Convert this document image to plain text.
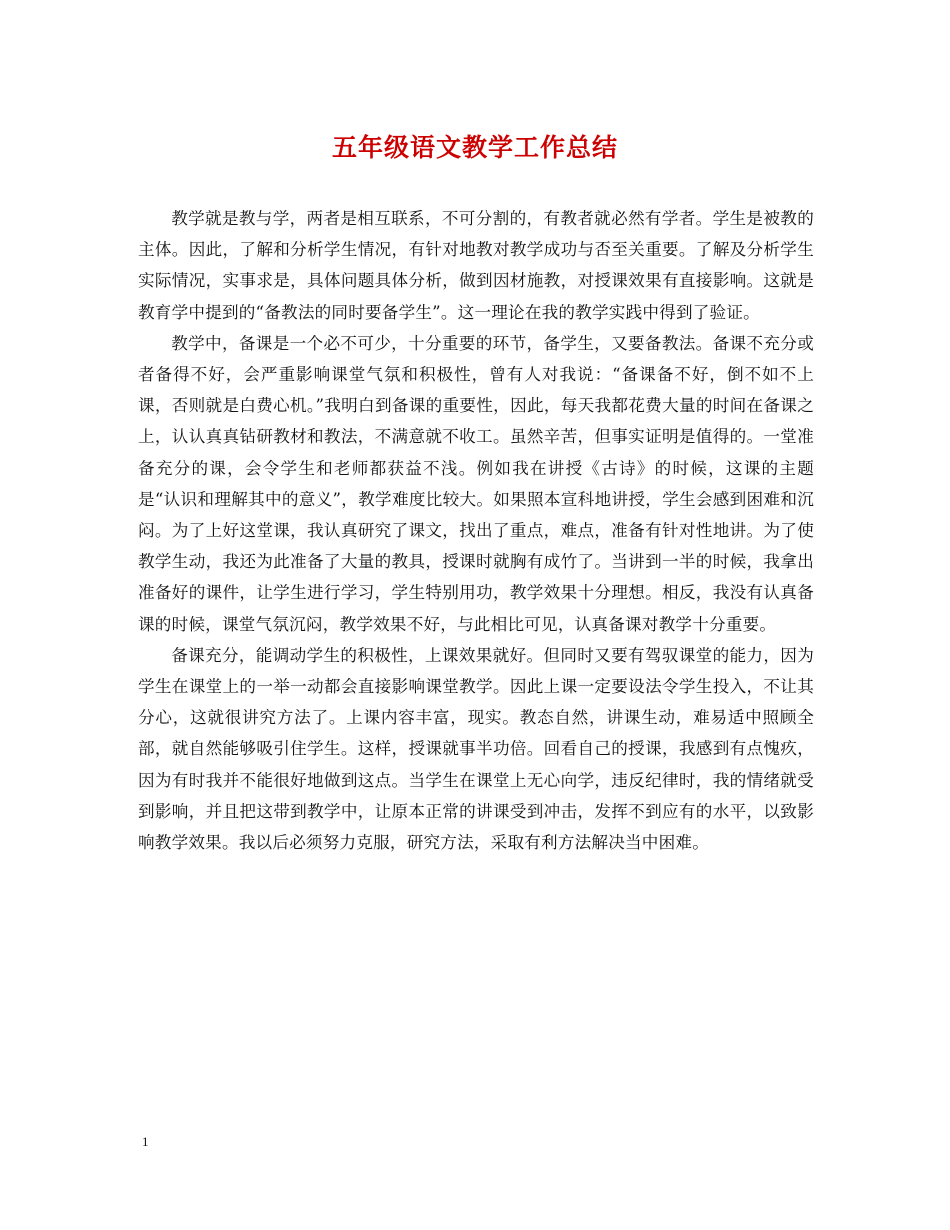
五年级语文教学工作总结

教学就是教与学，两者是相互联系，不可分割的，有教者就必然有学者。学生是被教的主体。因此，了解和分析学生情况，有针对地教对教学成功与否至关重要。了解及分析学生实际情况，实事求是，具体问题具体分析，做到因材施教，对授课效果有直接影响。这就是教育学中提到的“备教法的同时要备学生”。这一理论在我的教学实践中得到了验证。

教学中，备课是一个必不可少，十分重要的环节，备学生，又要备教法。备课不充分或者备得不好，会严重影响课堂气氛和积极性，曾有人对我说：“备课备不好，倒不如不上课，否则就是白费心机。”我明白到备课的重要性，因此，每天我都花费大量的时间在备课之上，认认真真钻研教材和教法，不满意就不收工。虽然辛苦，但事实证明是值得的。一堂准备充分的课，会令学生和老师都获益不浅。例如我在讲授《古诗》的时候，这课的主题是“认识和理解其中的意义”，教学难度比较大。如果照本宣科地讲授，学生会感到困难和沉闷。为了上好这堂课，我认真研究了课文，找出了重点，难点，准备有针对性地讲。为了使教学生动，我还为此准备了大量的教具，授课时就胸有成竹了。当讲到一半的时候，我拿出准备好的课件，让学生进行学习，学生特别用功，教学效果十分理想。相反，我没有认真备课的时候，课堂气氛沉闷，教学效果不好，与此相比可见，认真备课对教学十分重要。

备课充分，能调动学生的积极性，上课效果就好。但同时又要有驾驭课堂的能力，因为学生在课堂上的一举一动都会直接影响课堂教学。因此上课一定要设法令学生投入，不让其分心，这就很讲究方法了。上课内容丰富，现实。教态自然，讲课生动，难易适中照顾全部，就自然能够吸引住学生。这样，授课就事半功倍。回看自己的授课，我感到有点愧疚，因为有时我并不能很好地做到这点。当学生在课堂上无心向学，违反纪律时，我的情绪就受到影响，并且把这带到教学中，让原本正常的讲课受到冲击，发挥不到应有的水平，以致影响教学效果。我以后必须努力克服，研究方法，采取有利方法解决当中困难。

1
